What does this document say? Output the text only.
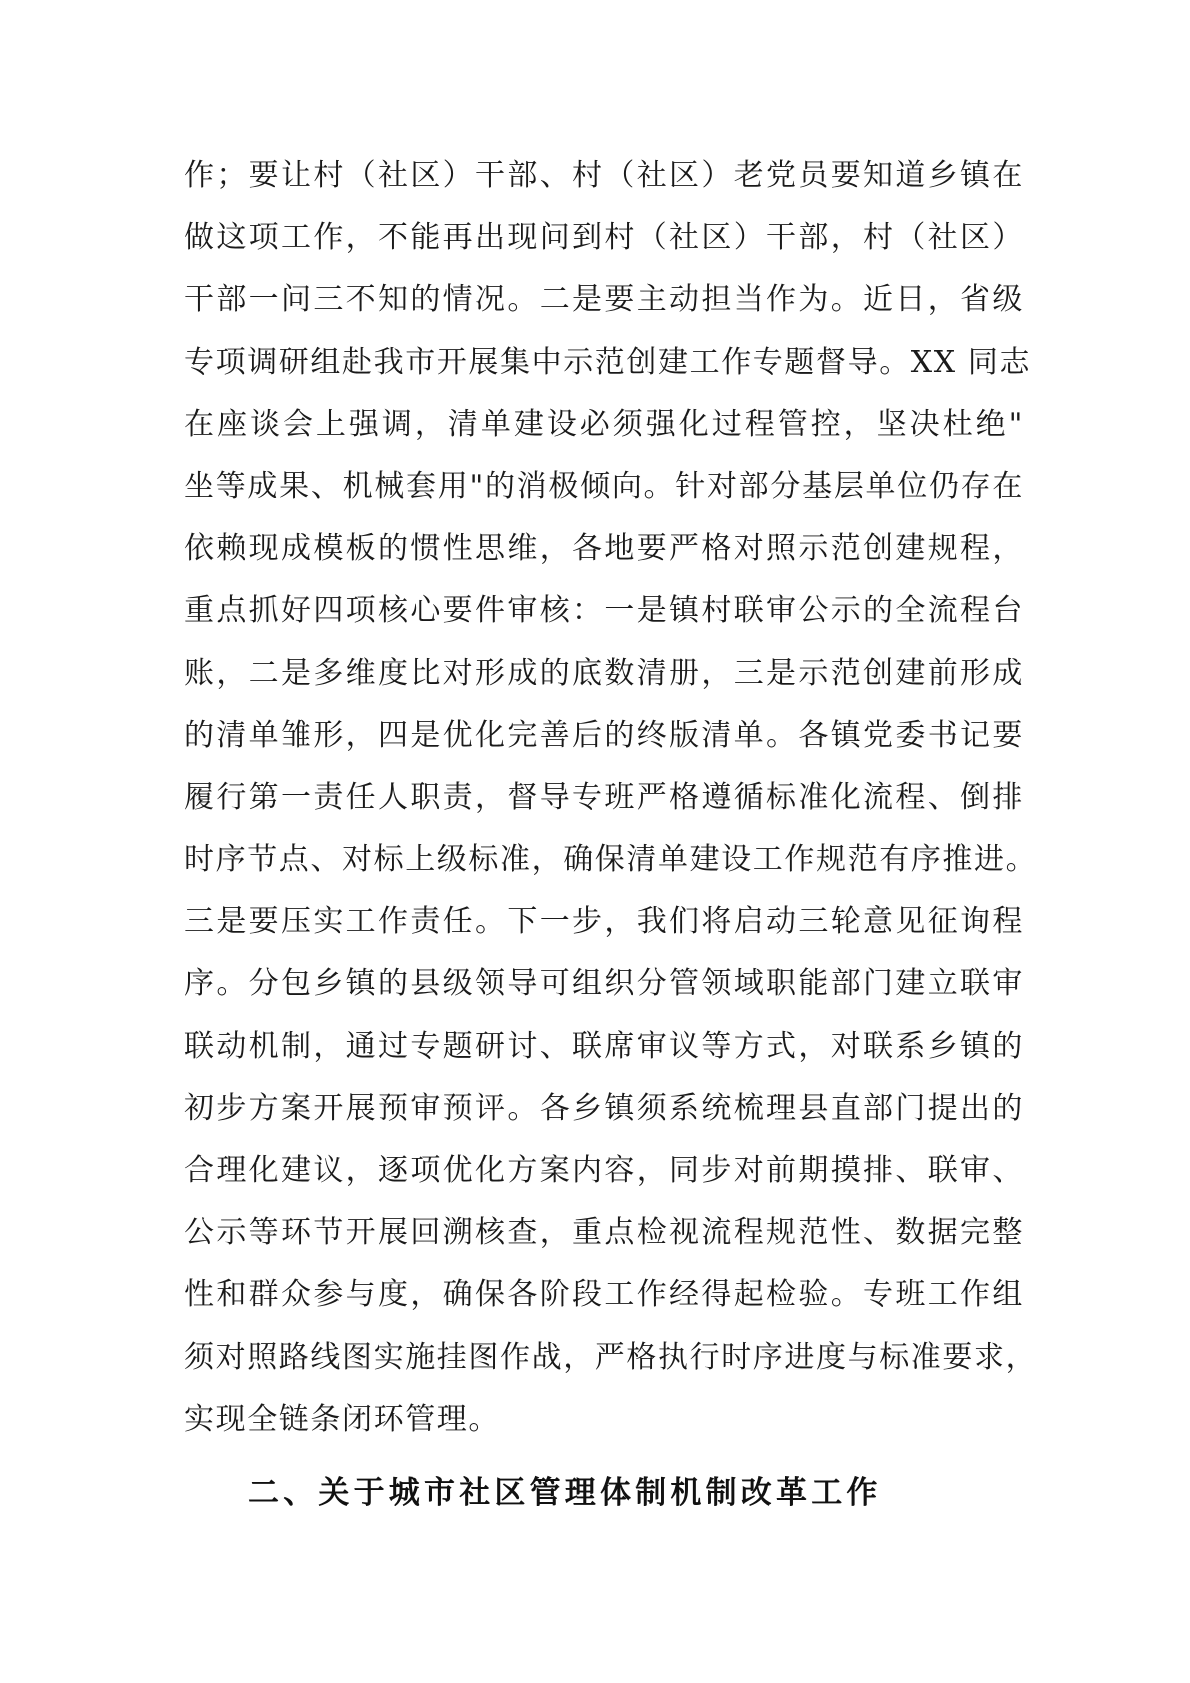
作；要让村（社区）干部、村（社区）老党员要知道乡镇在
做这项工作，不能再出现问到村（社区）干部，村（社区）
干部一问三不知的情况。二是要主动担当作为。近日，省级
专项调研组赴我市开展集中示范创建工作专题督导。XX 同志
在座谈会上强调，清单建设必须强化过程管控，坚决杜绝"
坐等成果、机械套用"的消极倾向。针对部分基层单位仍存在
依赖现成模板的惯性思维，各地要严格对照示范创建规程，
重点抓好四项核心要件审核：一是镇村联审公示的全流程台
账，二是多维度比对形成的底数清册，三是示范创建前形成
的清单雏形，四是优化完善后的终版清单。各镇党委书记要
履行第一责任人职责，督导专班严格遵循标准化流程、倒排
时序节点、对标上级标准，确保清单建设工作规范有序推进。
三是要压实工作责任。下一步，我们将启动三轮意见征询程
序。分包乡镇的县级领导可组织分管领域职能部门建立联审
联动机制，通过专题研讨、联席审议等方式，对联系乡镇的
初步方案开展预审预评。各乡镇须系统梳理县直部门提出的
合理化建议，逐项优化方案内容，同步对前期摸排、联审、
公示等环节开展回溯核查，重点检视流程规范性、数据完整
性和群众参与度，确保各阶段工作经得起检验。专班工作组
须对照路线图实施挂图作战，严格执行时序进度与标准要求，
实现全链条闭环管理。
二、关于城市社区管理体制机制改革工作
